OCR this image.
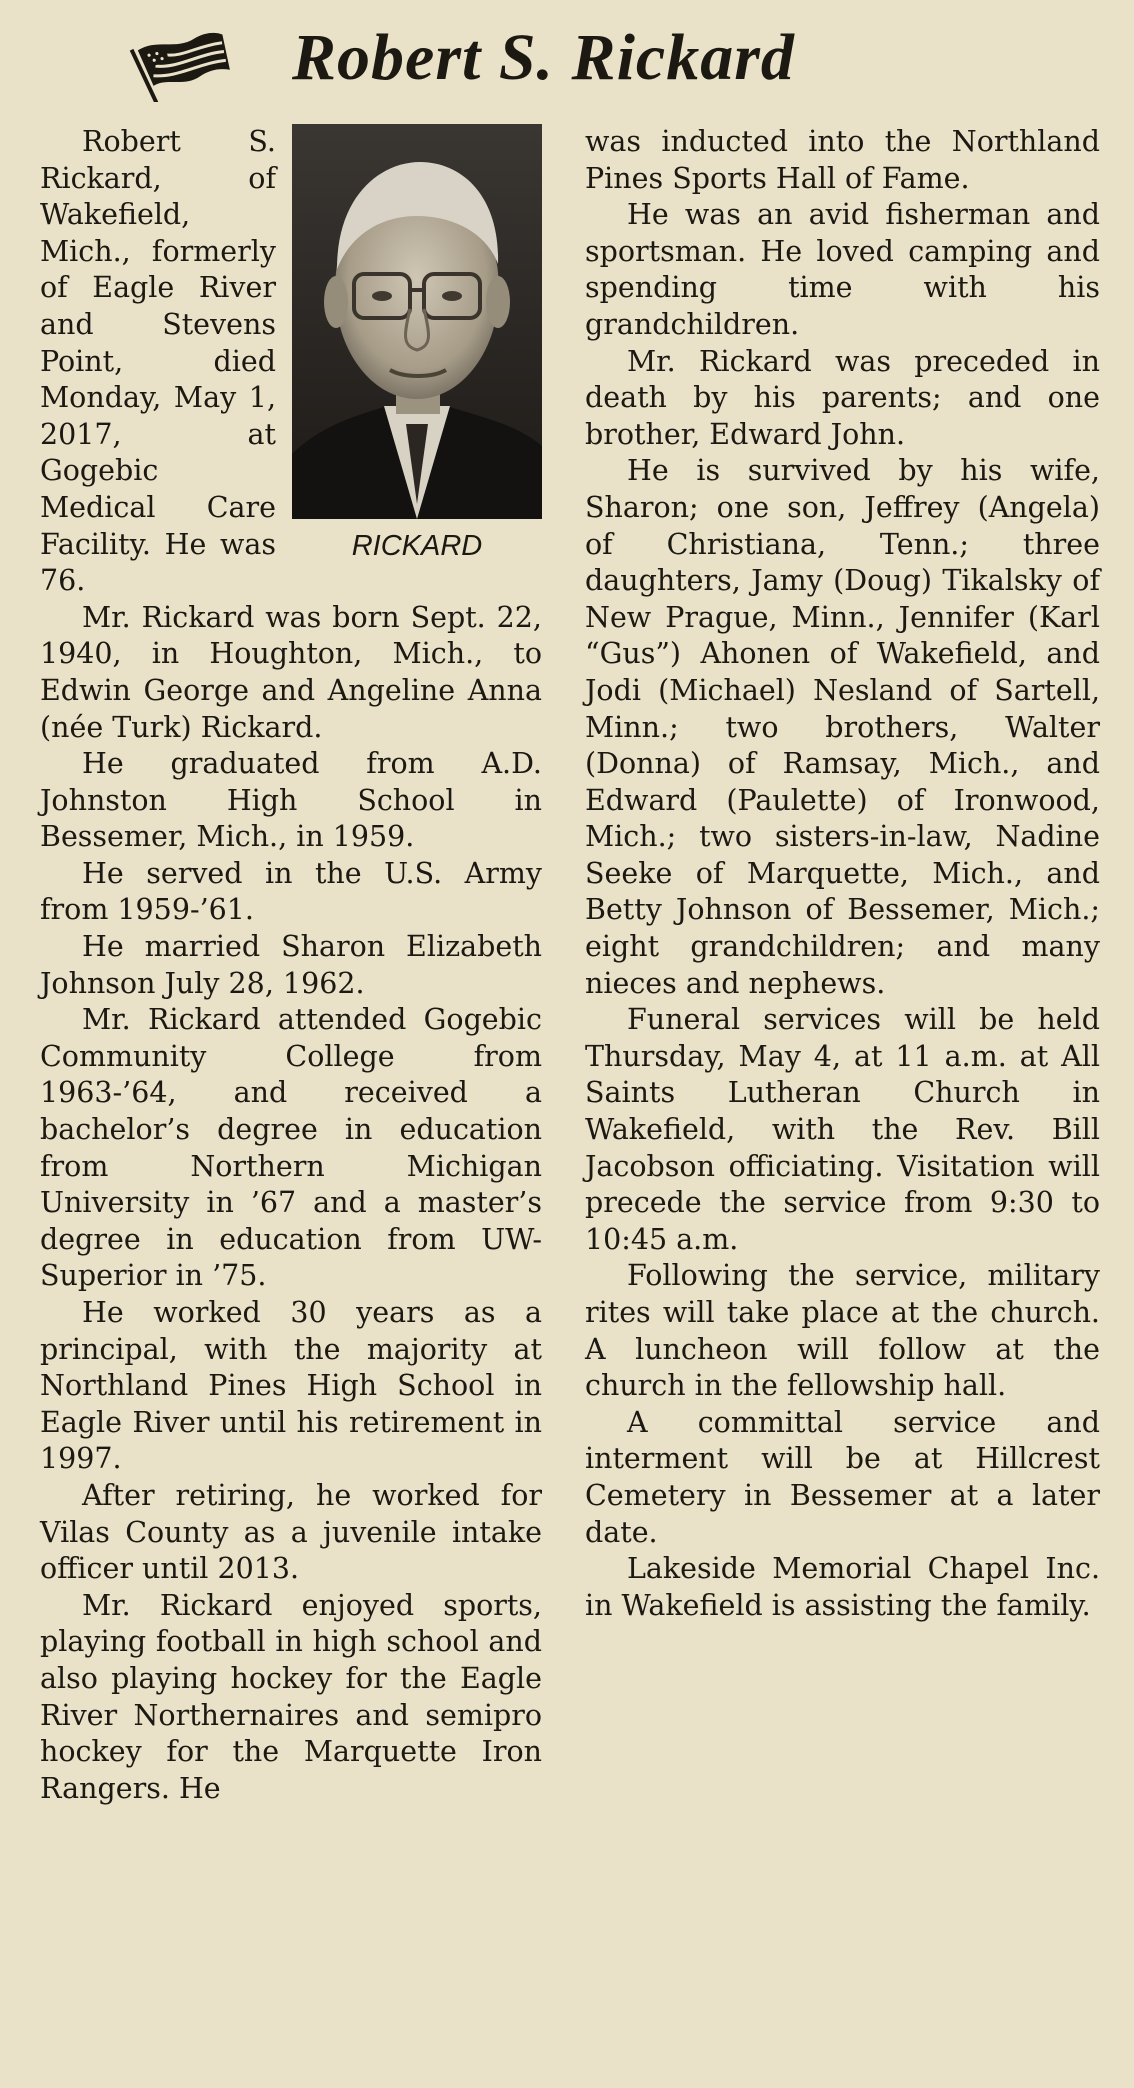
Robert S. Rickard
RICKARD

Robert S. Rickard, of Wakefield, Mich., formerly of Eagle River and Stevens Point, died Monday, May 1, 2017, at Gogebic Medical Care Facility. He was 76.

Mr. Rickard was born Sept. 22, 1940, in Houghton, Mich., to Edwin George and Angeline Anna (née Turk) Rickard.

He graduated from A.D. Johnston High School in Bessemer, Mich., in 1959.

He served in the U.S. Army from 1959-’61.

He married Sharon Elizabeth Johnson July 28, 1962.

Mr. Rickard attended Gogebic Community College from 1963-’64, and received a bachelor’s degree in education from Northern Michigan University in ’67 and a master’s degree in education from UW-Superior in ’75.

He worked 30 years as a principal, with the majority at Northland Pines High School in Eagle River until his retirement in 1997.

After retiring, he worked for Vilas County as a juvenile intake officer until 2013.

Mr. Rickard enjoyed sports, playing football in high school and also playing hockey for the Eagle River Northernaires and semipro hockey for the Marquette Iron Rangers. He

was inducted into the Northland Pines Sports Hall of Fame.

He was an avid fisherman and sportsman. He loved camping and spending time with his grandchildren.

Mr. Rickard was preceded in death by his parents; and one brother, Edward John.

He is survived by his wife, Sharon; one son, Jeffrey (Angela) of Christiana, Tenn.; three daughters, Jamy (Doug) Tikalsky of New Prague, Minn., Jennifer (Karl “Gus”) Ahonen of Wakefield, and Jodi (Michael) Nesland of Sartell, Minn.; two brothers, Walter (Donna) of Ramsay, Mich., and Edward (Paulette) of Ironwood, Mich.; two sisters-in-law, Nadine Seeke of Marquette, Mich., and Betty Johnson of Bessemer, Mich.; eight grandchildren; and many nieces and nephews.

Funeral services will be held Thursday, May 4, at 11 a.m. at All Saints Lutheran Church in Wakefield, with the Rev. Bill Jacobson officiating. Visitation will precede the service from 9:30 to 10:45 a.m.

Following the service, military rites will take place at the church. A luncheon will follow at the church in the fellowship hall.

A committal service and interment will be at Hillcrest Cemetery in Bessemer at a later date.

Lakeside Memorial Chapel Inc. in Wakefield is assisting the family.
